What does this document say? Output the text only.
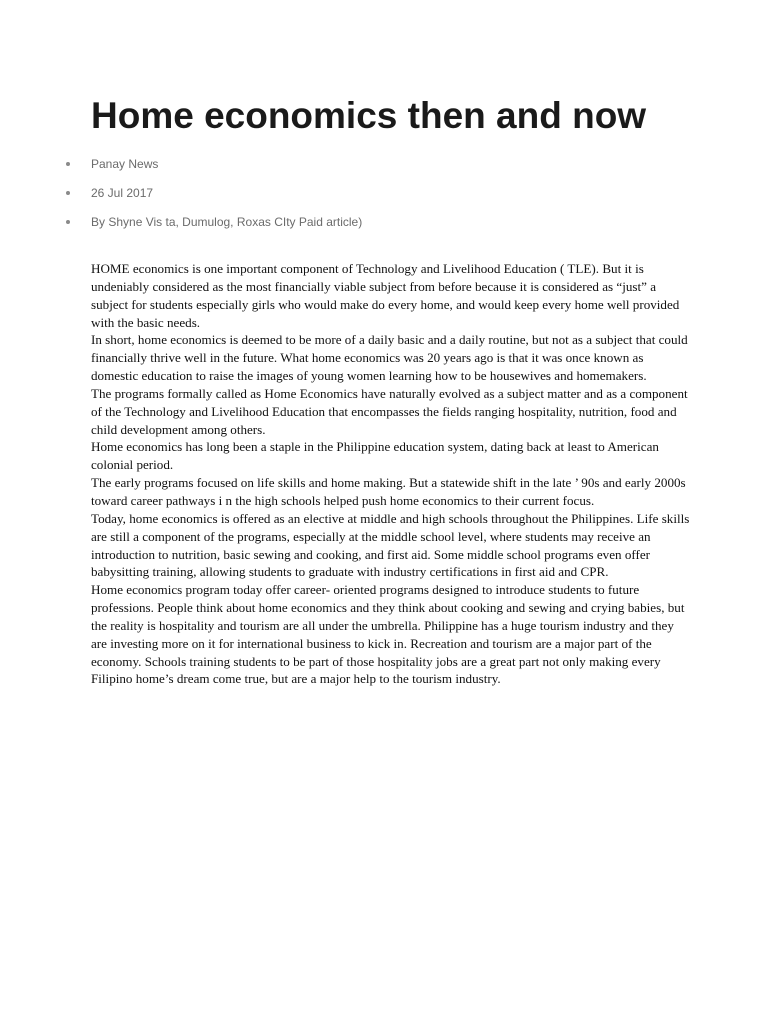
Home economics then and now
Panay News
26 Jul 2017
By Shyne Vis ta, Dumulog, Roxas CIty Paid article)

HOME economics is one important component of Technology and Livelihood Education ( TLE). But it is undeniably considered as the most financially viable subject from before because it is considered as “just” a subject for students especially girls who would make do every home, and would keep every home well provided with the basic needs.

In short, home economics is deemed to be more of a daily basic and a daily routine, but not as a subject that could financially thrive well in the future. What home economics was 20 years ago is that it was once known as domestic education to raise the images of young women learning how to be housewives and homemakers.

The programs formally called as Home Economics have naturally evolved as a subject matter and as a component of the Technology and Livelihood Education that encompasses the fields ranging hospitality, nutrition, food and child development among others.

Home economics has long been a staple in the Philippine education system, dating back at least to American colonial period.

The early programs focused on life skills and home making. But a statewide shift in the late ’ 90s and early 2000s toward career pathways i n the high schools helped push home economics to their current focus.

Today, home economics is offered as an elective at middle and high schools throughout the Philippines. Life skills are still a component of the programs, especially at the middle school level, where students may receive an introduction to nutrition, basic sewing and cooking, and first aid. Some middle school programs even offer babysitting training, allowing students to graduate with industry certifications in first aid and CPR.

Home economics program today offer career- oriented programs designed to introduce students to future professions. People think about home economics and they think about cooking and sewing and crying babies, but the reality is hospitality and tourism are all under the umbrella. Philippine has a huge tourism industry and they are investing more on it for international business to kick in. Recreation and tourism are a major part of the economy. Schools training students to be part of those hospitality jobs are a great part not only making every Filipino home’s dream come true, but are a major help to the tourism industry.
